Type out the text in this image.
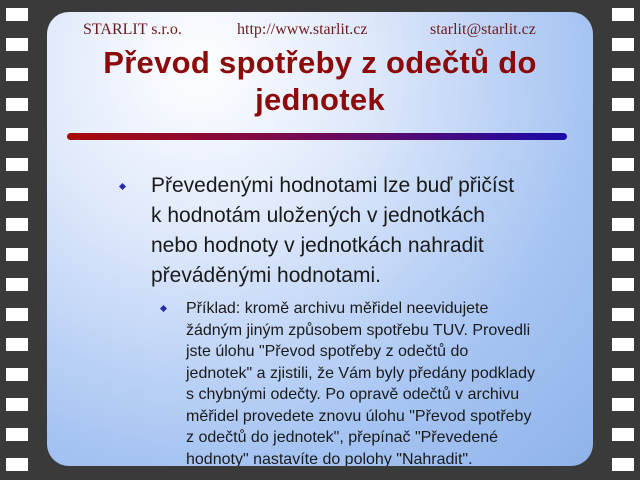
STARLIT s.r.o.	http://www.starlit.cz	starlit@starlit.cz
Převod spotřeby z odečtů do
jednotek
Převedenými hodnotami lze buď přičíst
k hodnotám uložených v jednotkách
nebo hodnoty v jednotkách nahradit
převáděnými hodnotami.
Příklad: kromě archivu měřidel neevidujete
žádným jiným způsobem spotřebu TUV. Provedli
jste úlohu "Převod spotřeby z odečtů do
jednotek" a zjistili, že Vám byly předány podklady
s chybnými odečty. Po opravě odečtů v archivu
měřidel provedete znovu úlohu "Převod spotřeby
z odečtů do jednotek", přepínač "Převedené
hodnoty" nastavíte do polohy "Nahradit".
